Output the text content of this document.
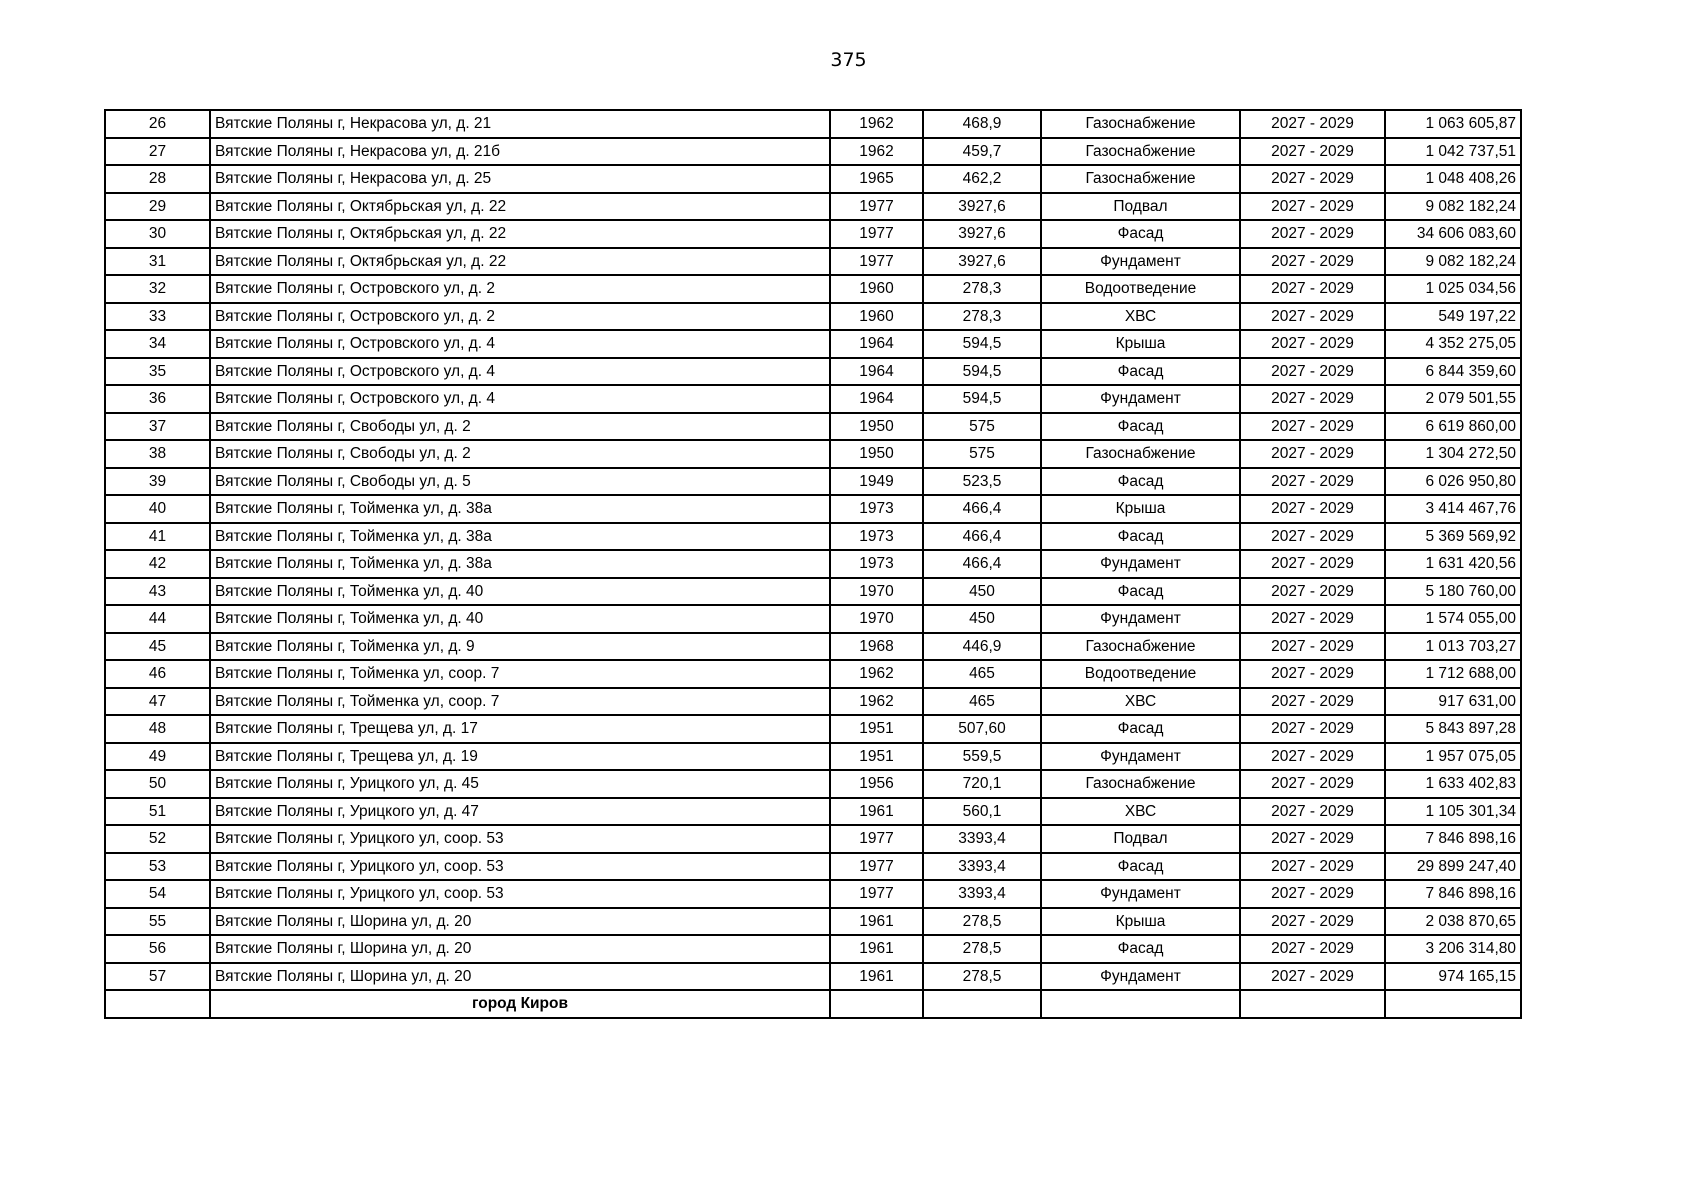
375
26	Вятские Поляны г, Некрасова ул, д. 21	1962	468,9	Газоснабжение	2027 - 2029	1 063 605,87
27	Вятские Поляны г, Некрасова ул, д. 21б	1962	459,7	Газоснабжение	2027 - 2029	1 042 737,51
28	Вятские Поляны г, Некрасова ул, д. 25	1965	462,2	Газоснабжение	2027 - 2029	1 048 408,26
29	Вятские Поляны г, Октябрьская ул, д. 22	1977	3927,6	Подвал	2027 - 2029	9 082 182,24
30	Вятские Поляны г, Октябрьская ул, д. 22	1977	3927,6	Фасад	2027 - 2029	34 606 083,60
31	Вятские Поляны г, Октябрьская ул, д. 22	1977	3927,6	Фундамент	2027 - 2029	9 082 182,24
32	Вятские Поляны г, Островского ул, д. 2	1960	278,3	Водоотведение	2027 - 2029	1 025 034,56
33	Вятские Поляны г, Островского ул, д. 2	1960	278,3	ХВС	2027 - 2029	549 197,22
34	Вятские Поляны г, Островского ул, д. 4	1964	594,5	Крыша	2027 - 2029	4 352 275,05
35	Вятские Поляны г, Островского ул, д. 4	1964	594,5	Фасад	2027 - 2029	6 844 359,60
36	Вятские Поляны г, Островского ул, д. 4	1964	594,5	Фундамент	2027 - 2029	2 079 501,55
37	Вятские Поляны г, Свободы ул, д. 2	1950	575	Фасад	2027 - 2029	6 619 860,00
38	Вятские Поляны г, Свободы ул, д. 2	1950	575	Газоснабжение	2027 - 2029	1 304 272,50
39	Вятские Поляны г, Свободы ул, д. 5	1949	523,5	Фасад	2027 - 2029	6 026 950,80
40	Вятские Поляны г, Тойменка ул, д. 38а	1973	466,4	Крыша	2027 - 2029	3 414 467,76
41	Вятские Поляны г, Тойменка ул, д. 38а	1973	466,4	Фасад	2027 - 2029	5 369 569,92
42	Вятские Поляны г, Тойменка ул, д. 38а	1973	466,4	Фундамент	2027 - 2029	1 631 420,56
43	Вятские Поляны г, Тойменка ул, д. 40	1970	450	Фасад	2027 - 2029	5 180 760,00
44	Вятские Поляны г, Тойменка ул, д. 40	1970	450	Фундамент	2027 - 2029	1 574 055,00
45	Вятские Поляны г, Тойменка ул, д. 9	1968	446,9	Газоснабжение	2027 - 2029	1 013 703,27
46	Вятские Поляны г, Тойменка ул, соор. 7	1962	465	Водоотведение	2027 - 2029	1 712 688,00
47	Вятские Поляны г, Тойменка ул, соор. 7	1962	465	ХВС	2027 - 2029	917 631,00
48	Вятские Поляны г, Трещева ул, д. 17	1951	507,60	Фасад	2027 - 2029	5 843 897,28
49	Вятские Поляны г, Трещева ул, д. 19	1951	559,5	Фундамент	2027 - 2029	1 957 075,05
50	Вятские Поляны г, Урицкого ул, д. 45	1956	720,1	Газоснабжение	2027 - 2029	1 633 402,83
51	Вятские Поляны г, Урицкого ул, д. 47	1961	560,1	ХВС	2027 - 2029	1 105 301,34
52	Вятские Поляны г, Урицкого ул, соор. 53	1977	3393,4	Подвал	2027 - 2029	7 846 898,16
53	Вятские Поляны г, Урицкого ул, соор. 53	1977	3393,4	Фасад	2027 - 2029	29 899 247,40
54	Вятские Поляны г, Урицкого ул, соор. 53	1977	3393,4	Фундамент	2027 - 2029	7 846 898,16
55	Вятские Поляны г, Шорина ул, д. 20	1961	278,5	Крыша	2027 - 2029	2 038 870,65
56	Вятские Поляны г, Шорина ул, д. 20	1961	278,5	Фасад	2027 - 2029	3 206 314,80
57	Вятские Поляны г, Шорина ул, д. 20	1961	278,5	Фундамент	2027 - 2029	974 165,15
	город Киров					
